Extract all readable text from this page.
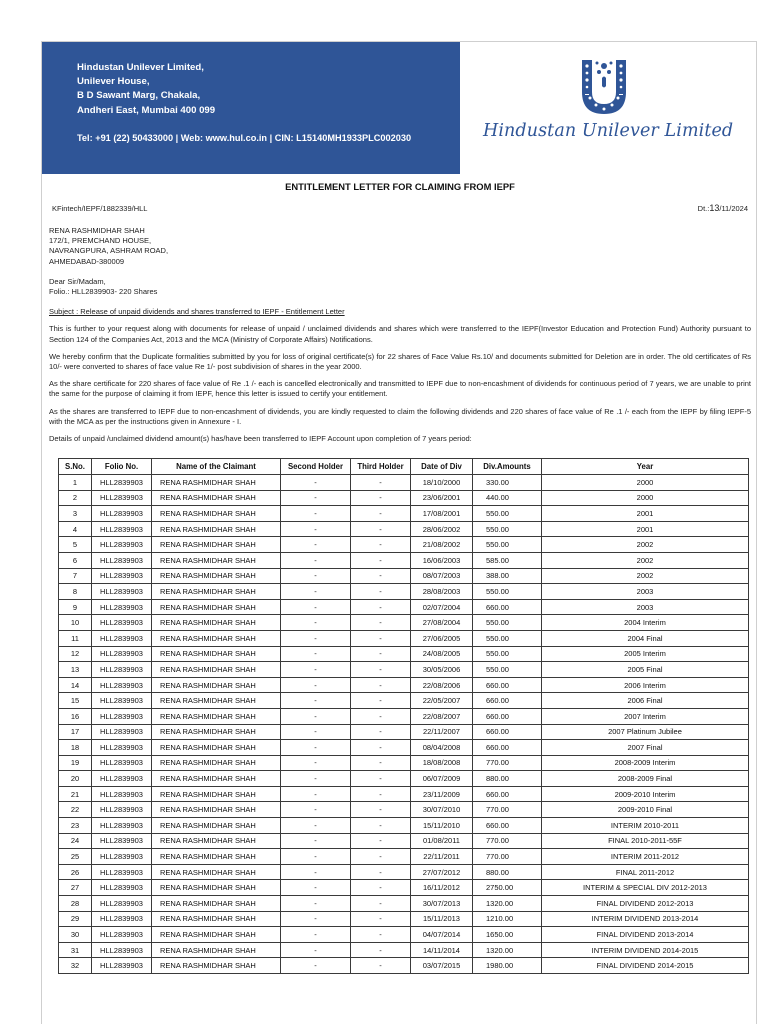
Hindustan Unilever Limited,
Unilever House,
B D Sawant Marg, Chakala,
Andheri East, Mumbai 400 099
Tel: +91 (22) 50433000 | Web: www.hul.co.in | CIN: L15140MH1933PLC002030	Hindustan Unilever Limited
ENTITLEMENT LETTER FOR CLAIMING FROM IEPF
KFintech/IEPF/1882339/HLL	Dt.:13/11/2024
RENA RASHMIDHAR SHAH
172/1, PREMCHAND HOUSE,
NAVRANGPURA, ASHRAM ROAD,
AHMEDABAD-380009
Dear Sir/Madam,
Folio.: HLL2839903- 220 Shares
Subject : Release of unpaid dividends and shares transferred to IEPF - Entitlement Letter

This is further to your request along with documents for release of unpaid / unclaimed dividends and shares which were transferred to the IEPF(Investor Education and Protection Fund) Authority pursuant to Section 124 of the Companies Act, 2013 and the MCA (Ministry of Corporate Affairs) Notifications.

We hereby confirm that the Duplicate formalities submitted by you for loss of original certificate(s) for 22 shares of Face Value Rs.10/ and documents submitted for Deletion are in order. The old certificates of Rs 10/- were converted to shares of face value Re 1/- post subdivision of shares in the year 2000.

As the share certificate for 220 shares of face value of Re .1 /- each is cancelled electronically and transmitted to IEPF due to non-encashment of dividends for continuous period of 7 years, we are unable to print the same for the purpose of claiming it from IEPF, hence this letter is issued to certify your entitlement.

As the shares are transferred to IEPF due to non-encashment of dividends, you are kindly requested to claim the following dividends and 220 shares of face value of Re .1 /- each from the IEPF by filing IEPF-5 with the MCA as per the instructions given in Annexure - I.

Details of unpaid /unclaimed dividend amount(s) has/have been transferred to IEPF Account upon completion of 7 years period:

S.No.	Folio No.	Name of the Claimant	Second Holder	Third Holder	Date of Div	Div.Amounts	Year
1	HLL2839903	RENA RASHMIDHAR SHAH	-	-	18/10/2000	330.00	2000
2	HLL2839903	RENA RASHMIDHAR SHAH	-	-	23/06/2001	440.00	2000
3	HLL2839903	RENA RASHMIDHAR SHAH	-	-	17/08/2001	550.00	2001
4	HLL2839903	RENA RASHMIDHAR SHAH	-	-	28/06/2002	550.00	2001
5	HLL2839903	RENA RASHMIDHAR SHAH	-	-	21/08/2002	550.00	2002
6	HLL2839903	RENA RASHMIDHAR SHAH	-	-	16/06/2003	585.00	2002
7	HLL2839903	RENA RASHMIDHAR SHAH	-	-	08/07/2003	388.00	2002
8	HLL2839903	RENA RASHMIDHAR SHAH	-	-	28/08/2003	550.00	2003
9	HLL2839903	RENA RASHMIDHAR SHAH	-	-	02/07/2004	660.00	2003
10	HLL2839903	RENA RASHMIDHAR SHAH	-	-	27/08/2004	550.00	2004 Interim
11	HLL2839903	RENA RASHMIDHAR SHAH	-	-	27/06/2005	550.00	2004 Final
12	HLL2839903	RENA RASHMIDHAR SHAH	-	-	24/08/2005	550.00	2005 Interim
13	HLL2839903	RENA RASHMIDHAR SHAH	-	-	30/05/2006	550.00	2005 Final
14	HLL2839903	RENA RASHMIDHAR SHAH	-	-	22/08/2006	660.00	2006 Interim
15	HLL2839903	RENA RASHMIDHAR SHAH	-	-	22/05/2007	660.00	2006 Final
16	HLL2839903	RENA RASHMIDHAR SHAH	-	-	22/08/2007	660.00	2007 Interim
17	HLL2839903	RENA RASHMIDHAR SHAH	-	-	22/11/2007	660.00	2007 Platinum Jubilee
18	HLL2839903	RENA RASHMIDHAR SHAH	-	-	08/04/2008	660.00	2007 Final
19	HLL2839903	RENA RASHMIDHAR SHAH	-	-	18/08/2008	770.00	2008-2009 Interim
20	HLL2839903	RENA RASHMIDHAR SHAH	-	-	06/07/2009	880.00	2008-2009 Final
21	HLL2839903	RENA RASHMIDHAR SHAH	-	-	23/11/2009	660.00	2009-2010 Interim
22	HLL2839903	RENA RASHMIDHAR SHAH	-	-	30/07/2010	770.00	2009-2010 Final
23	HLL2839903	RENA RASHMIDHAR SHAH	-	-	15/11/2010	660.00	INTERIM 2010-2011
24	HLL2839903	RENA RASHMIDHAR SHAH	-	-	01/08/2011	770.00	FINAL 2010-2011-55F
25	HLL2839903	RENA RASHMIDHAR SHAH	-	-	22/11/2011	770.00	INTERIM 2011-2012
26	HLL2839903	RENA RASHMIDHAR SHAH	-	-	27/07/2012	880.00	FINAL 2011-2012
27	HLL2839903	RENA RASHMIDHAR SHAH	-	-	16/11/2012	2750.00	INTERIM & SPECIAL DIV 2012-2013
28	HLL2839903	RENA RASHMIDHAR SHAH	-	-	30/07/2013	1320.00	FINAL DIVIDEND 2012-2013
29	HLL2839903	RENA RASHMIDHAR SHAH	-	-	15/11/2013	1210.00	INTERIM DIVIDEND 2013-2014
30	HLL2839903	RENA RASHMIDHAR SHAH	-	-	04/07/2014	1650.00	FINAL DIVIDEND 2013-2014
31	HLL2839903	RENA RASHMIDHAR SHAH	-	-	14/11/2014	1320.00	INTERIM DIVIDEND 2014-2015
32	HLL2839903	RENA RASHMIDHAR SHAH	-	-	03/07/2015	1980.00	FINAL DIVIDEND 2014-2015
